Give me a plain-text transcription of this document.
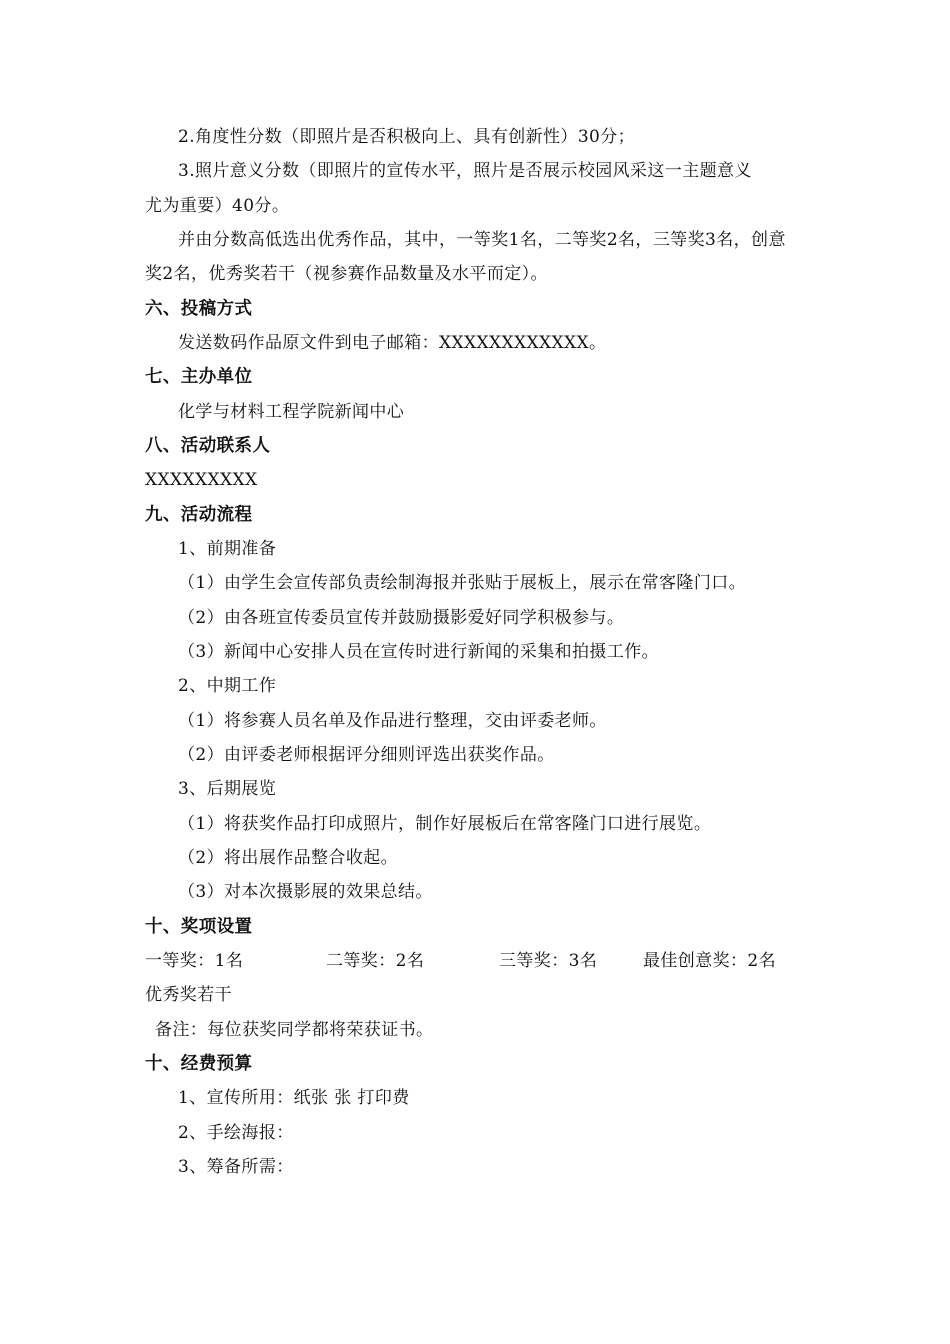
2.角度性分数（即照片是否积极向上、具有创新性）30分；
3.照片意义分数（即照片的宣传水平，照片是否展示校园风采这一主题意义
尤为重要）40分。
并由分数高低选出优秀作品，其中，一等奖1名，二等奖2名，三等奖3名，创意
奖2名，优秀奖若干（视参赛作品数量及水平而定）。
六、投稿方式
发送数码作品原文件到电子邮箱：XXXXXXXXXXXX。
七、主办单位
化学与材料工程学院新闻中心
八、活动联系人
XXXXXXXXX
九、活动流程
1、前期准备
（1）由学生会宣传部负责绘制海报并张贴于展板上，展示在常客隆门口。
（2）由各班宣传委员宣传并鼓励摄影爱好同学积极参与。
（3）新闻中心安排人员在宣传时进行新闻的采集和拍摄工作。
2、中期工作
（1）将参赛人员名单及作品进行整理，交由评委老师。
（2）由评委老师根据评分细则评选出获奖作品。
3、后期展览
（1）将获奖作品打印成照片，制作好展板后在常客隆门口进行展览。
（2）将出展作品整合收起。
（3）对本次摄影展的效果总结。
十、奖项设置
一等奖：1名	二等奖：2名	三等奖：3名	最佳创意奖：2名
优秀奖若干
备注：每位获奖同学都将荣获证书。
十、经费预算
1、宣传所用：纸张 张 打印费
2、手绘海报：
3、筹备所需：
